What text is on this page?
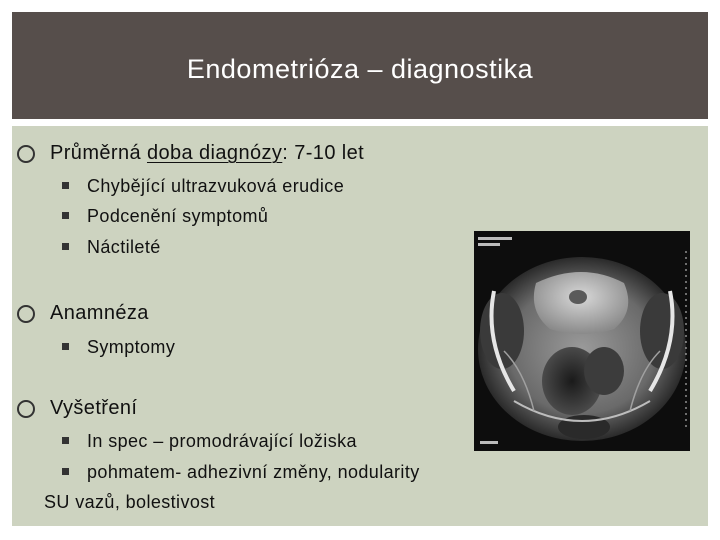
Endometrióza – diagnostika
Průměrná doba diagnózy : 7-10 let
Chybějící ultrazvuková erudice
Podcenění symptomů
Náctileté
Anamnéza
Symptomy
Vyšetření
In spec – promodrávající ložiska
pohmatem- adhezivní změny, nodularity
SU vazů, bolestivost
